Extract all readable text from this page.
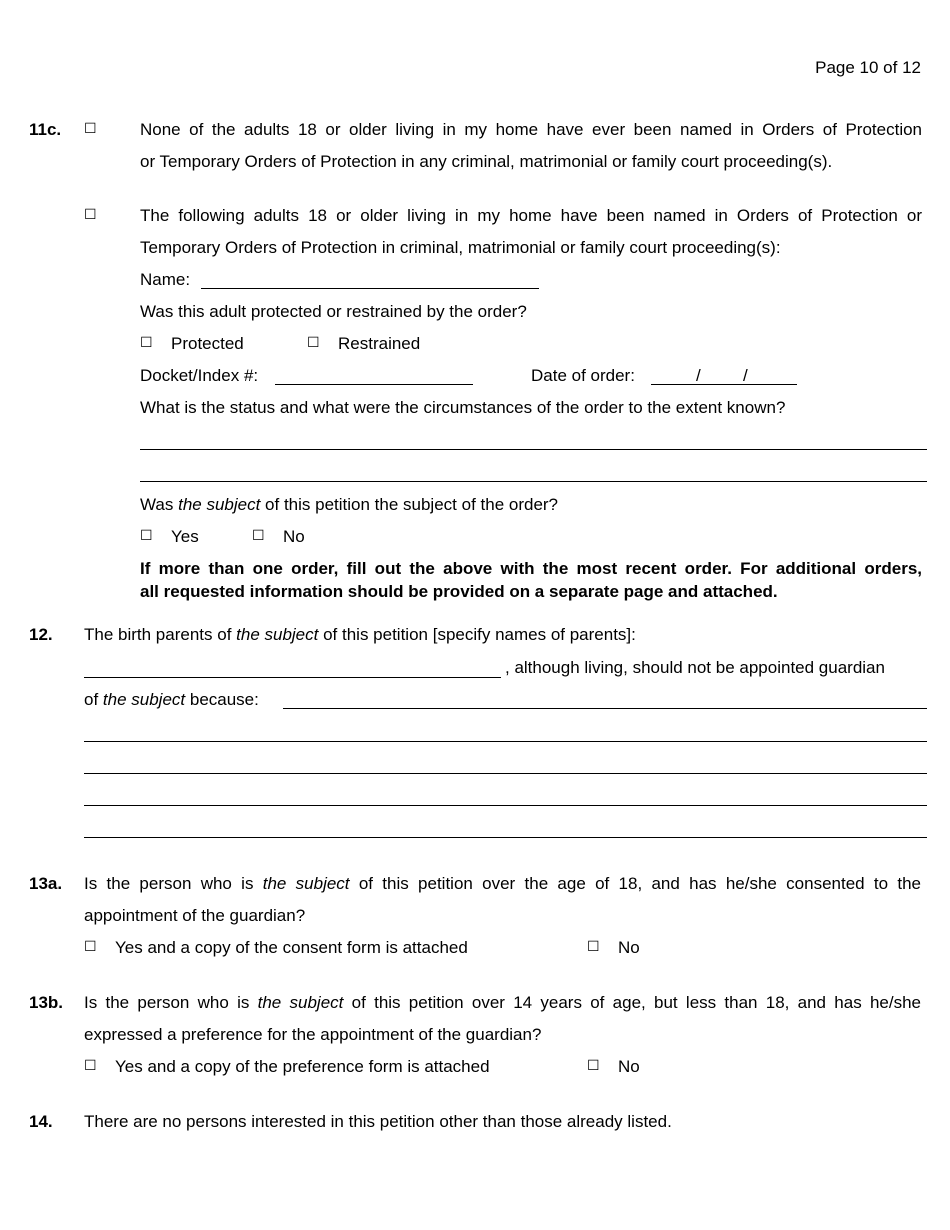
Page 10 of 12
11c. ☐	None of the adults 18 or older living in my home have ever been named in Orders of Protection
or Temporary Orders of Protection in any criminal, matrimonial or family court proceeding(s).
☐	The following adults 18 or older living in my home have been named in Orders of Protection or
Temporary Orders of Protection in criminal, matrimonial or family court proceeding(s):
Name:
Was this adult protected or restrained by the order?
☐ Protected	☐ Restrained
Docket/Index #:	Date of order:	/ /
What is the status and what were the circumstances of the order to the extent known?
Was the subject of this petition the subject of the order?
☐ Yes	☐ No
If more than one order, fill out the above with the most recent order. For additional orders,
all requested information should be provided on a separate page and attached.
12. The birth parents of the subject of this petition [specify names of parents]:
, although living, should not be appointed guardian
of the subject because:
13a. Is the person who is the subject of this petition over the age of 18, and has he/she consented to the
appointment of the guardian?
☐ Yes and a copy of the consent form is attached	☐ No
13b. Is the person who is the subject of this petition over 14 years of age, but less than 18, and has he/she
expressed a preference for the appointment of the guardian?
☐ Yes and a copy of the preference form is attached	☐ No
14. There are no persons interested in this petition other than those already listed.
